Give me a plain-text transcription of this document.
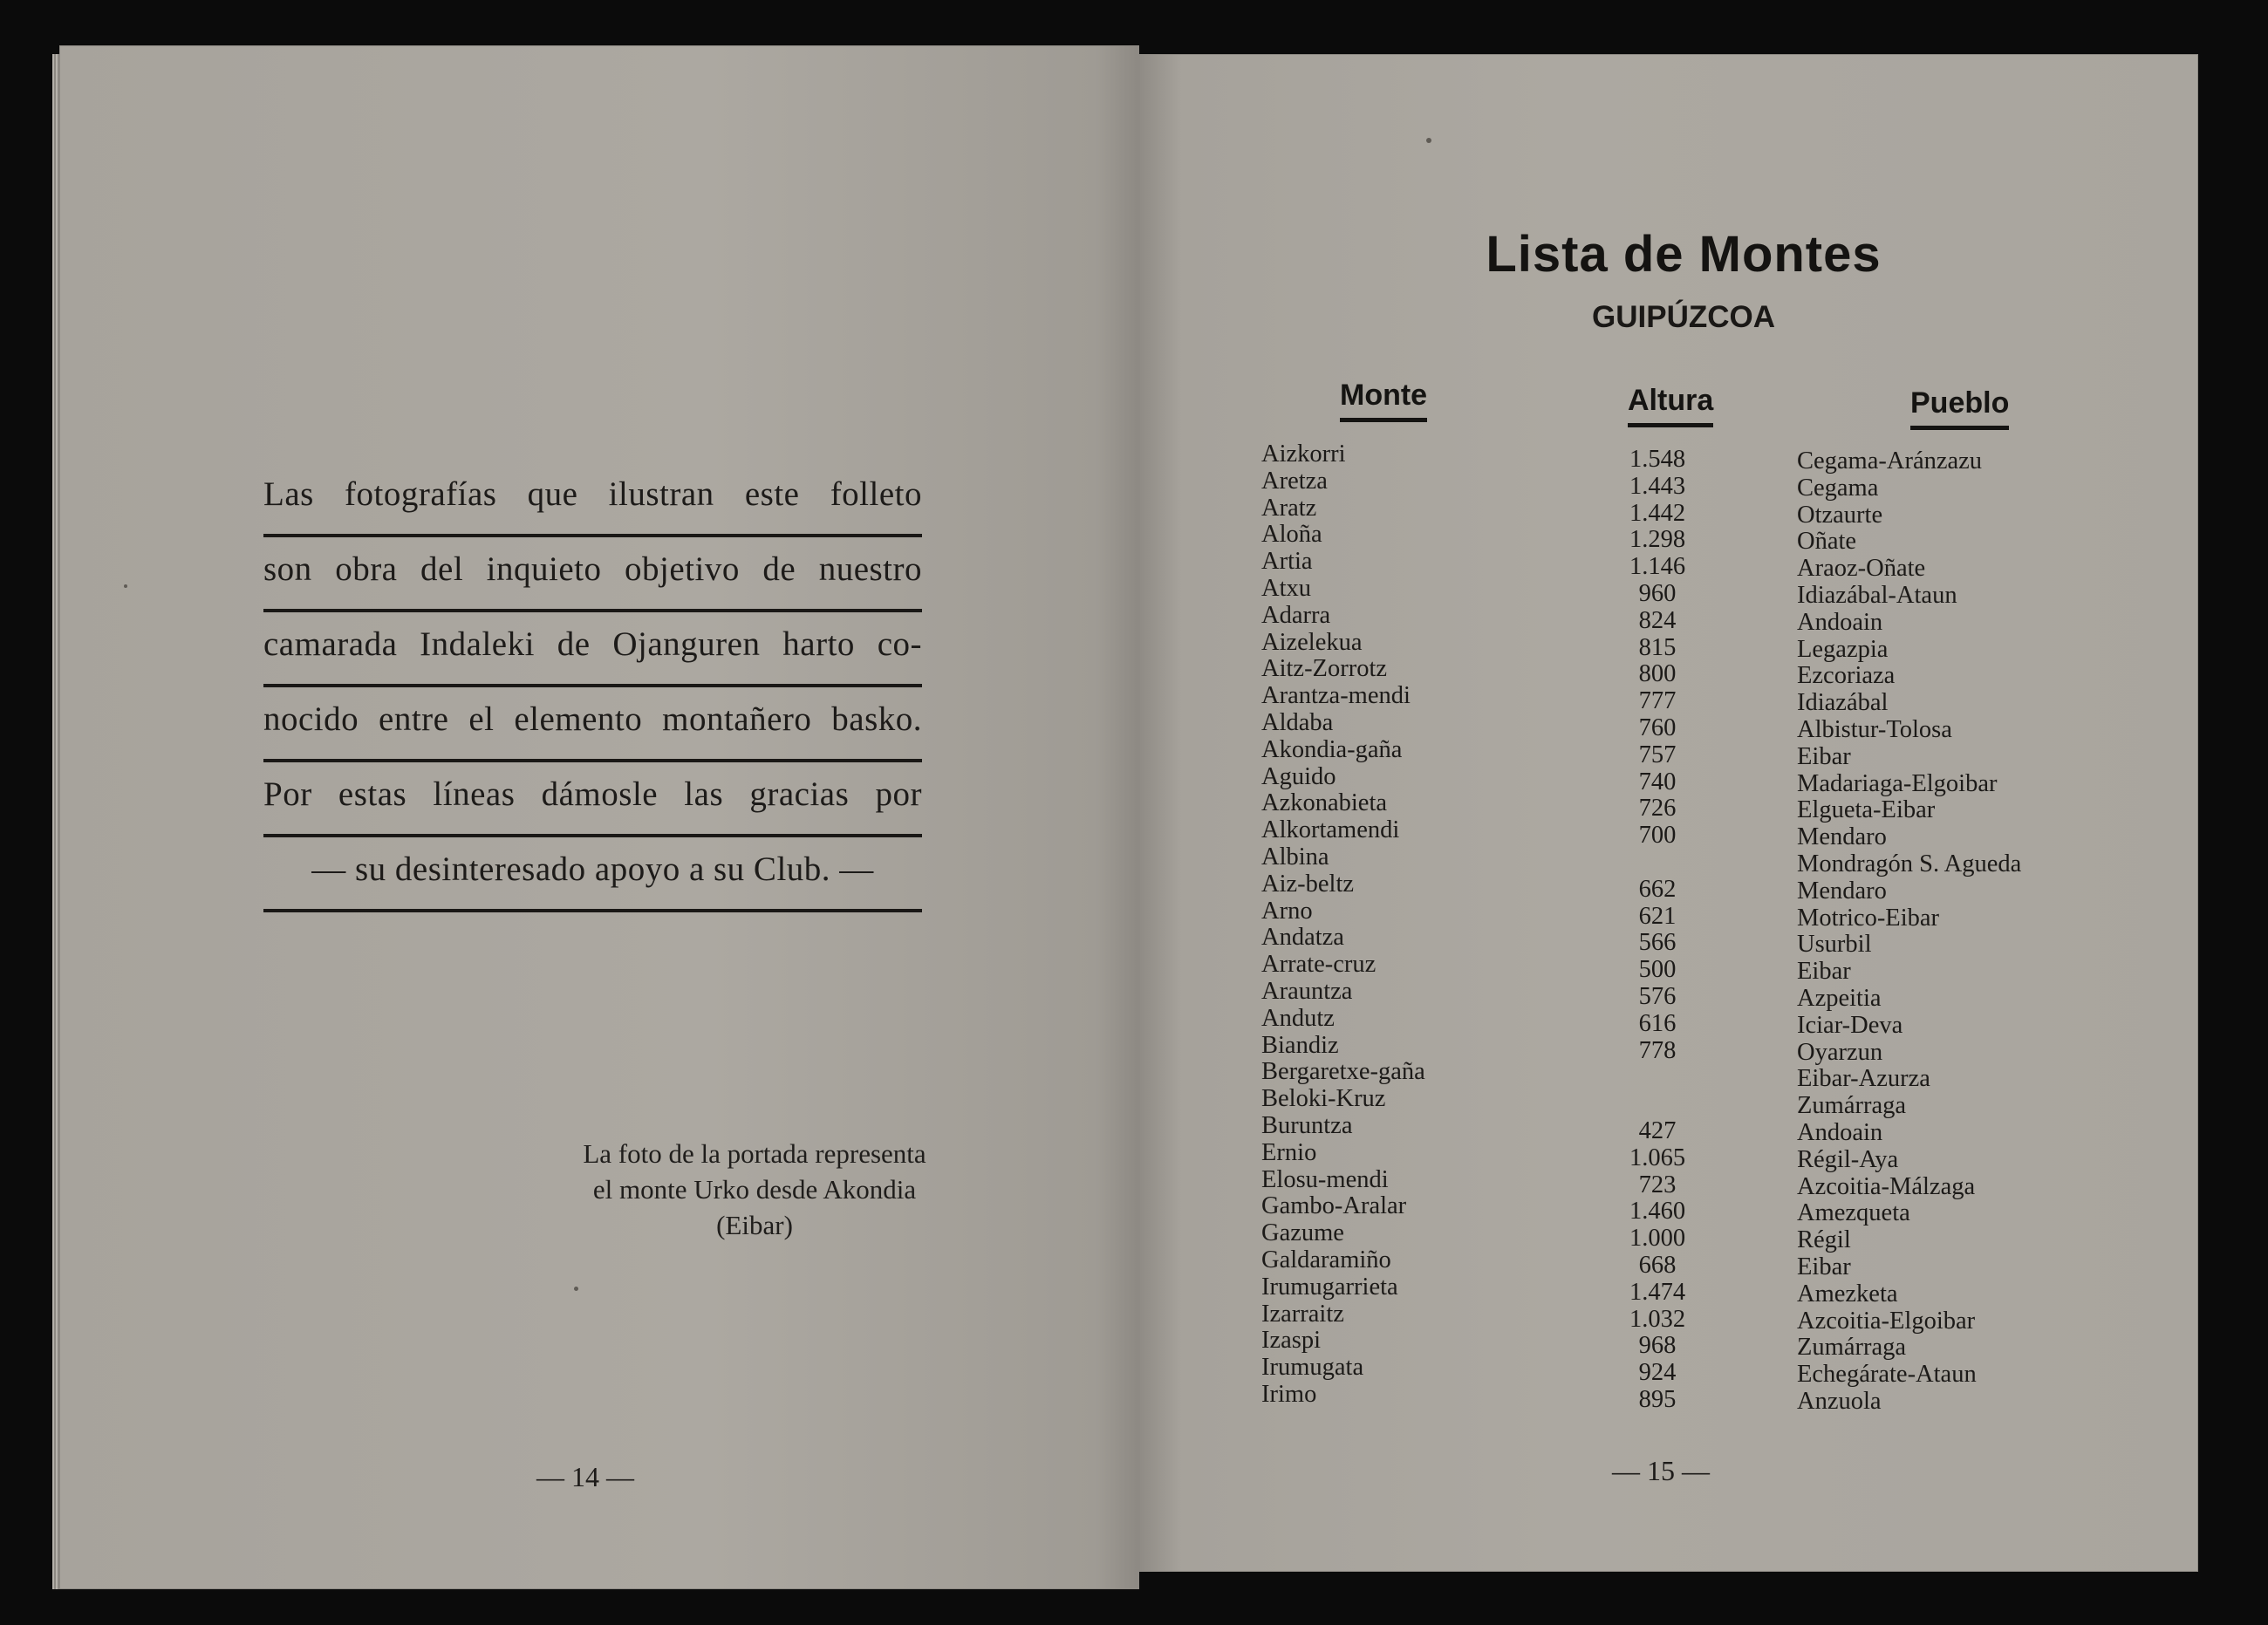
Las fotografías que ilustran este folleto
son obra del inquieto objetivo de nuestro
camarada Indaleki de Ojanguren harto co-
nocido entre el elemento montañero basko.
Por estas líneas dámosle las gracias por
— su desinteresado apoyo a su Club. —
La foto de la portada representa
el monte Urko desde Akondia
(Eibar)
— 14 —
Lista de Montes
GUIPÚZCOA
Monte	Altura	Pueblo
Aizkorri
Aretza
Aratz
Aloña
Artia
Atxu
Adarra
Aizelekua
Aitz-Zorrotz
Arantza-mendi
Aldaba
Akondia-gaña
Aguido
Azkonabieta
Alkortamendi
Albina
Aiz-beltz
Arno
Andatza
Arrate-cruz
Arauntza
Andutz
Biandiz
Bergaretxe-gaña
Beloki-Kruz
Buruntza
Ernio
Elosu-mendi
Gambo-Aralar
Gazume
Galdaramiño
Irumugarrieta
Izarraitz
Izaspi
Irumugata
Irimo
1.548
1.443
1.442
1.298
1.146
960
824
815
800
777
760
757
740
726
700
662
621
566
500
576
616
778
427
1.065
723
1.460
1.000
668
1.474
1.032
968
924
895
Cegama-Aránzazu
Cegama
Otzaurte
Oñate
Araoz-Oñate
Idiazábal-Ataun
Andoain
Legazpia
Ezcoriaza
Idiazábal
Albistur-Tolosa
Eibar
Madariaga-Elgoibar
Elgueta-Eibar
Mendaro
Mondragón S. Agueda
Mendaro
Motrico-Eibar
Usurbil
Eibar
Azpeitia
Iciar-Deva
Oyarzun
Eibar-Azurza
Zumárraga
Andoain
Régil-Aya
Azcoitia-Málzaga
Amezqueta
Régil
Eibar
Amezketa
Azcoitia-Elgoibar
Zumárraga
Echegárate-Ataun
Anzuola
— 15 —
